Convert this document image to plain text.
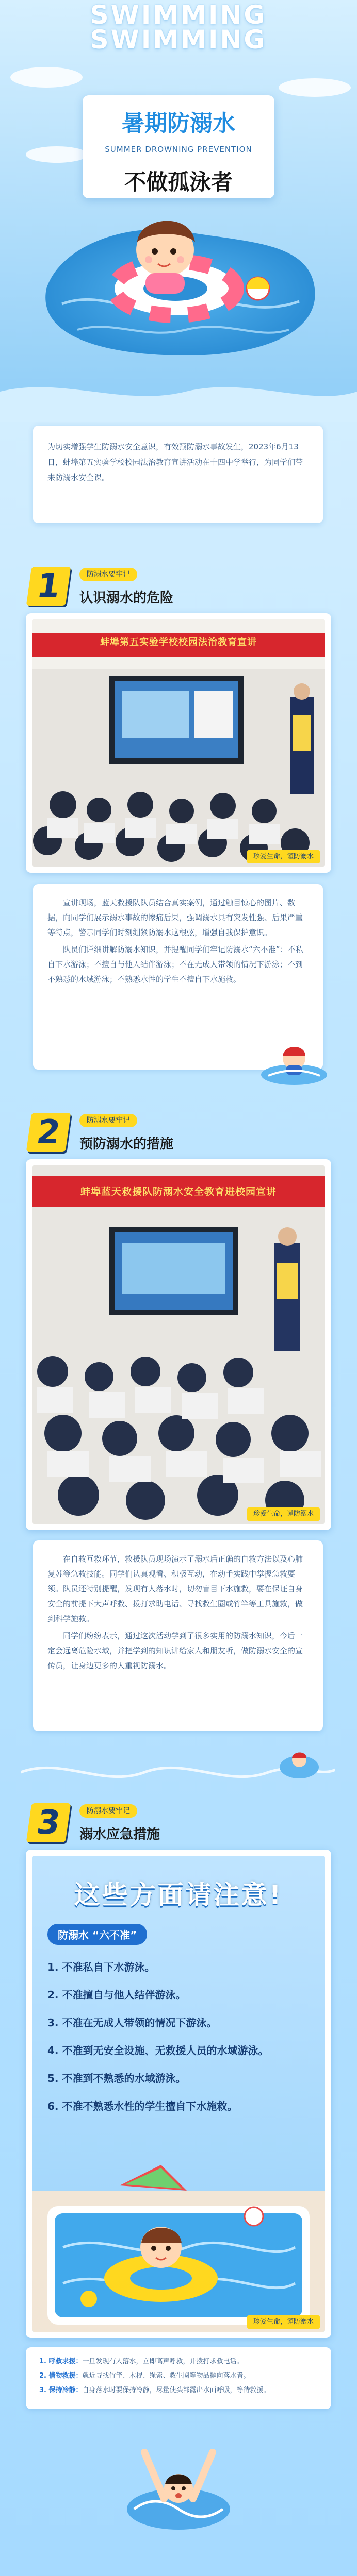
SWIMMING
SWIMMING
暑期防溺水
SUMMER DROWNING PREVENTION
不做孤泳者
为切实增强学生防溺水安全意识，有效预防溺水事故发生，2023年6月13日，蚌埠第五实验学校校园法治教育宣讲活动在十四中学举行，为同学们带来防溺水安全课。
1	防溺水要牢记
认识溺水的危险
蚌埠第五实验学校校园法治教育宣讲
珍爱生命，谨防溺水

宣讲现场，蓝天救援队队员结合真实案例，通过触目惊心的图片、数据，向同学们展示溺水事故的惨痛后果，强调溺水具有突发性强、后果严重等特点，警示同学们时刻绷紧防溺水这根弦，增强自我保护意识。

队员们详细讲解防溺水知识，并提醒同学们牢记防溺水“六不准”：不私自下水游泳；不擅自与他人结伴游泳；不在无成人带领的情况下游泳；不到不熟悉的水域游泳；不熟悉水性的学生不擅自下水施救。

2	防溺水要牢记
预防溺水的措施
蚌埠蓝天救援队防溺水安全教育进校园宣讲
珍爱生命，谨防溺水

在自救互救环节，救援队员现场演示了溺水后正确的自救方法以及心肺复苏等急救技能。同学们认真观看、积极互动，在动手实践中掌握急救要领。队员还特别提醒，发现有人落水时，切勿盲目下水施救，要在保证自身安全的前提下大声呼救、拨打求助电话、寻找救生圈或竹竿等工具施救，做到科学施救。

同学们纷纷表示，通过这次活动学到了很多实用的防溺水知识，今后一定会远离危险水域，并把学到的知识讲给家人和朋友听，做防溺水安全的宣传员，让身边更多的人重视防溺水。

3	防溺水要牢记
溺水应急措施
这些方面请注意!
防溺水 “六不准”
1. 不准私自下水游泳。
2. 不准擅自与他人结伴游泳。
3. 不准在无成人带领的情况下游泳。
4. 不准到无安全设施、无救援人员的水域游泳。
5. 不准到不熟悉的水域游泳。
6. 不准不熟悉水性的学生擅自下水施救。
珍爱生命，谨防溺水
1. 呼救求援：一旦发现有人落水，立即高声呼救，并拨打求救电话。
2. 借物救援：就近寻找竹竿、木棍、绳索、救生圈等物品抛向落水者。
3. 保持冷静：自身落水时要保持冷静，尽量使头部露出水面呼吸，等待救援。
